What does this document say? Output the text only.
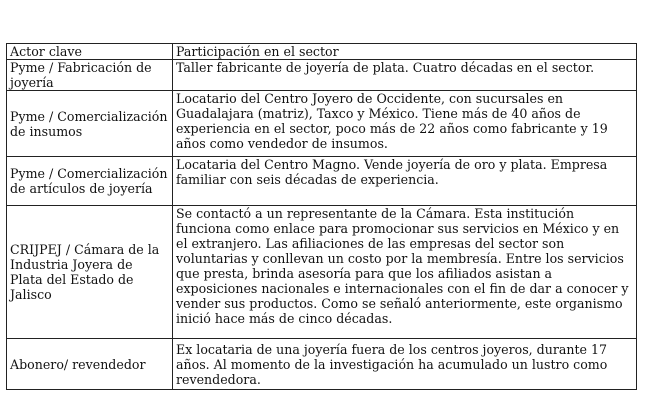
Actor clave	Participación en el sector
Pyme / Fabricación de joyería	Taller fabricante de joyería de plata. Cuatro décadas en el sector.
Pyme / Comercialización de insumos	Locatario del Centro Joyero de Occidente, con sucursales en Guadalajara (matriz), Taxco y México. Tiene más de 40 años de experiencia en el sector, poco más de 22 años como fabricante y 19 años como vendedor de insumos.
Pyme / Comercialización de artículos de joyería	Locataria del Centro Magno. Vende joyería de oro y plata. Empresa familiar con seis décadas de experiencia.
CRIJPEJ / Cámara de la Industria Joyera de Plata del Estado de Jalisco	Se contactó a un representante de la Cámara. Esta institución funciona como enlace para promocionar sus servicios en México y en el extranjero. Las afiliaciones de las empresas del sector son voluntarias y conllevan un costo por la membresía. Entre los servicios que presta, brinda asesoría para que los afiliados asistan a exposiciones nacionales e internacionales con el fin de dar a conocer y vender sus productos. Como se señaló anteriormente, este organismo inició hace más de cinco décadas.
Abonero/ revendedor	Ex locataria de una joyería fuera de los centros joyeros, durante 17 años. Al momento de la investigación ha acumulado un lustro como revendedora.
